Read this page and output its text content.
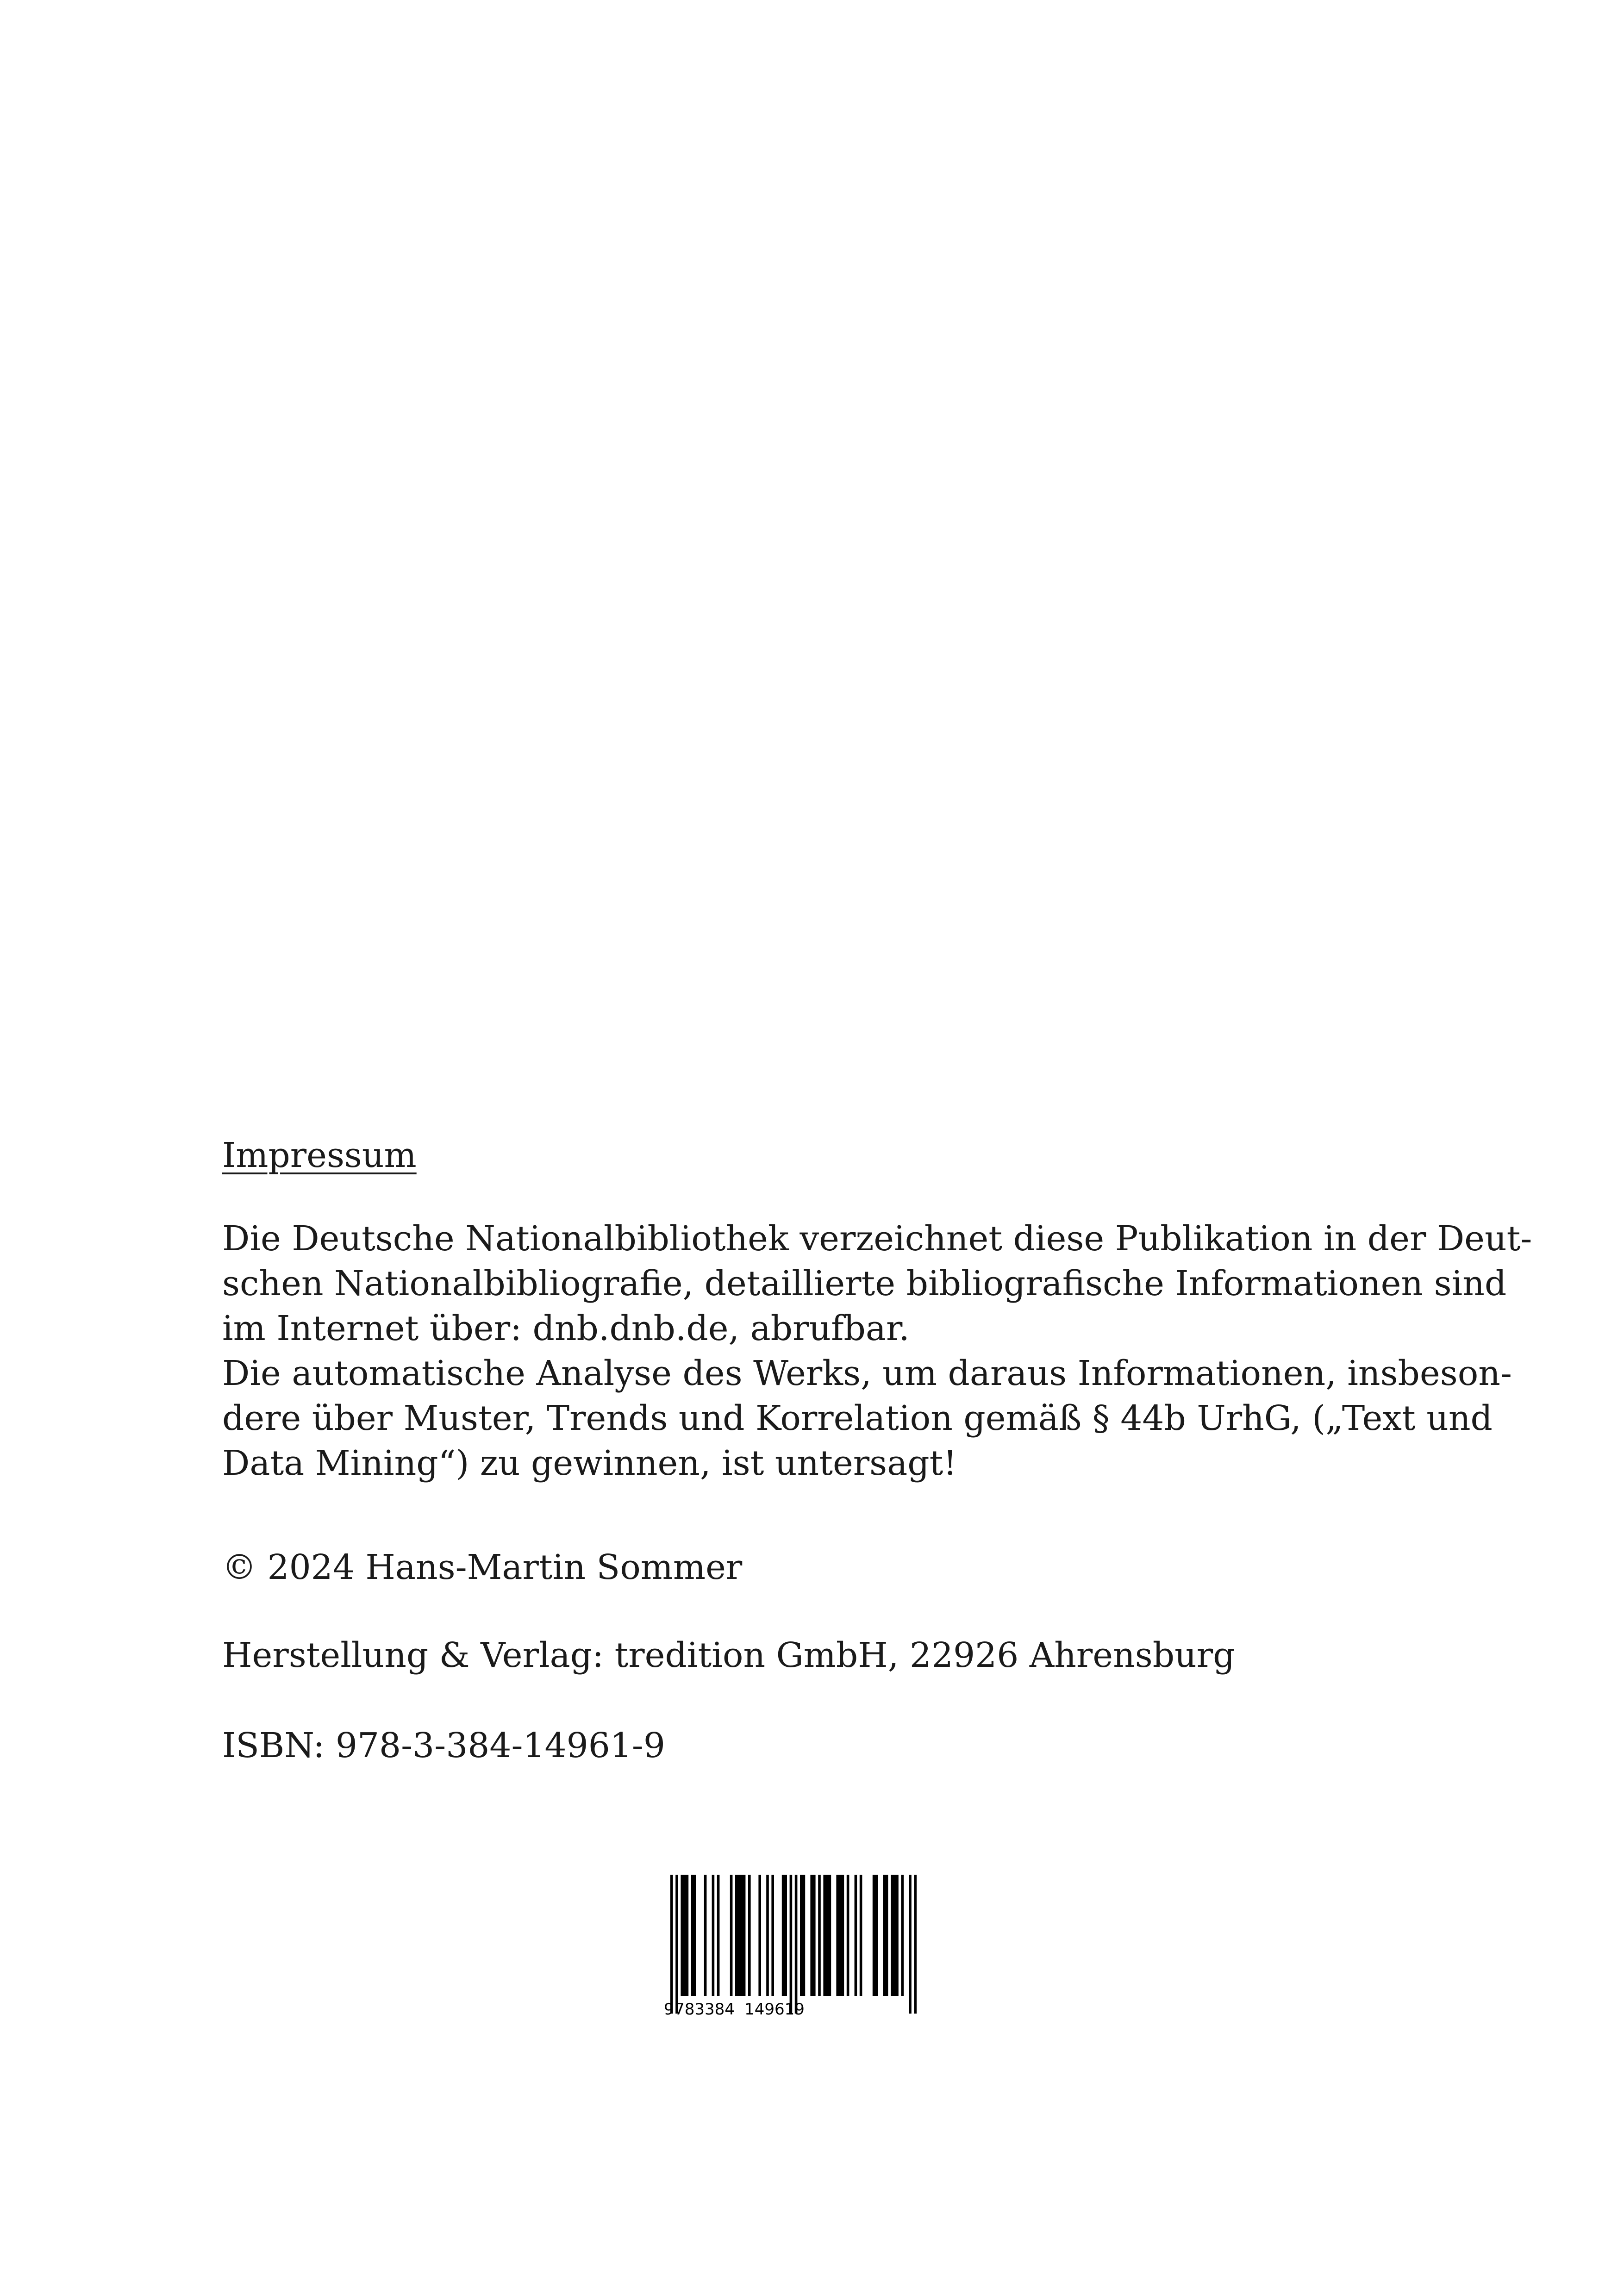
Impressum

Die Deutsche Nationalbibliothek verzeichnet diese Publikation in der Deut-
schen Nationalbibliografie, detaillierte bibliografische Informationen sind
im Internet über: dnb.dnb.de, abrufbar.
Die automatische Analyse des Werks, um daraus Informationen, insbeson-
dere über Muster, Trends und Korrelation gemäß § 44b UrhG, („Text und
Data Mining“) zu gewinnen, ist untersagt!

© 2024 Hans-Martin Sommer

Herstellung & Verlag: tredition GmbH, 22926 Ahrensburg

ISBN: 978-3-384-14961-9

9 783384 149619
